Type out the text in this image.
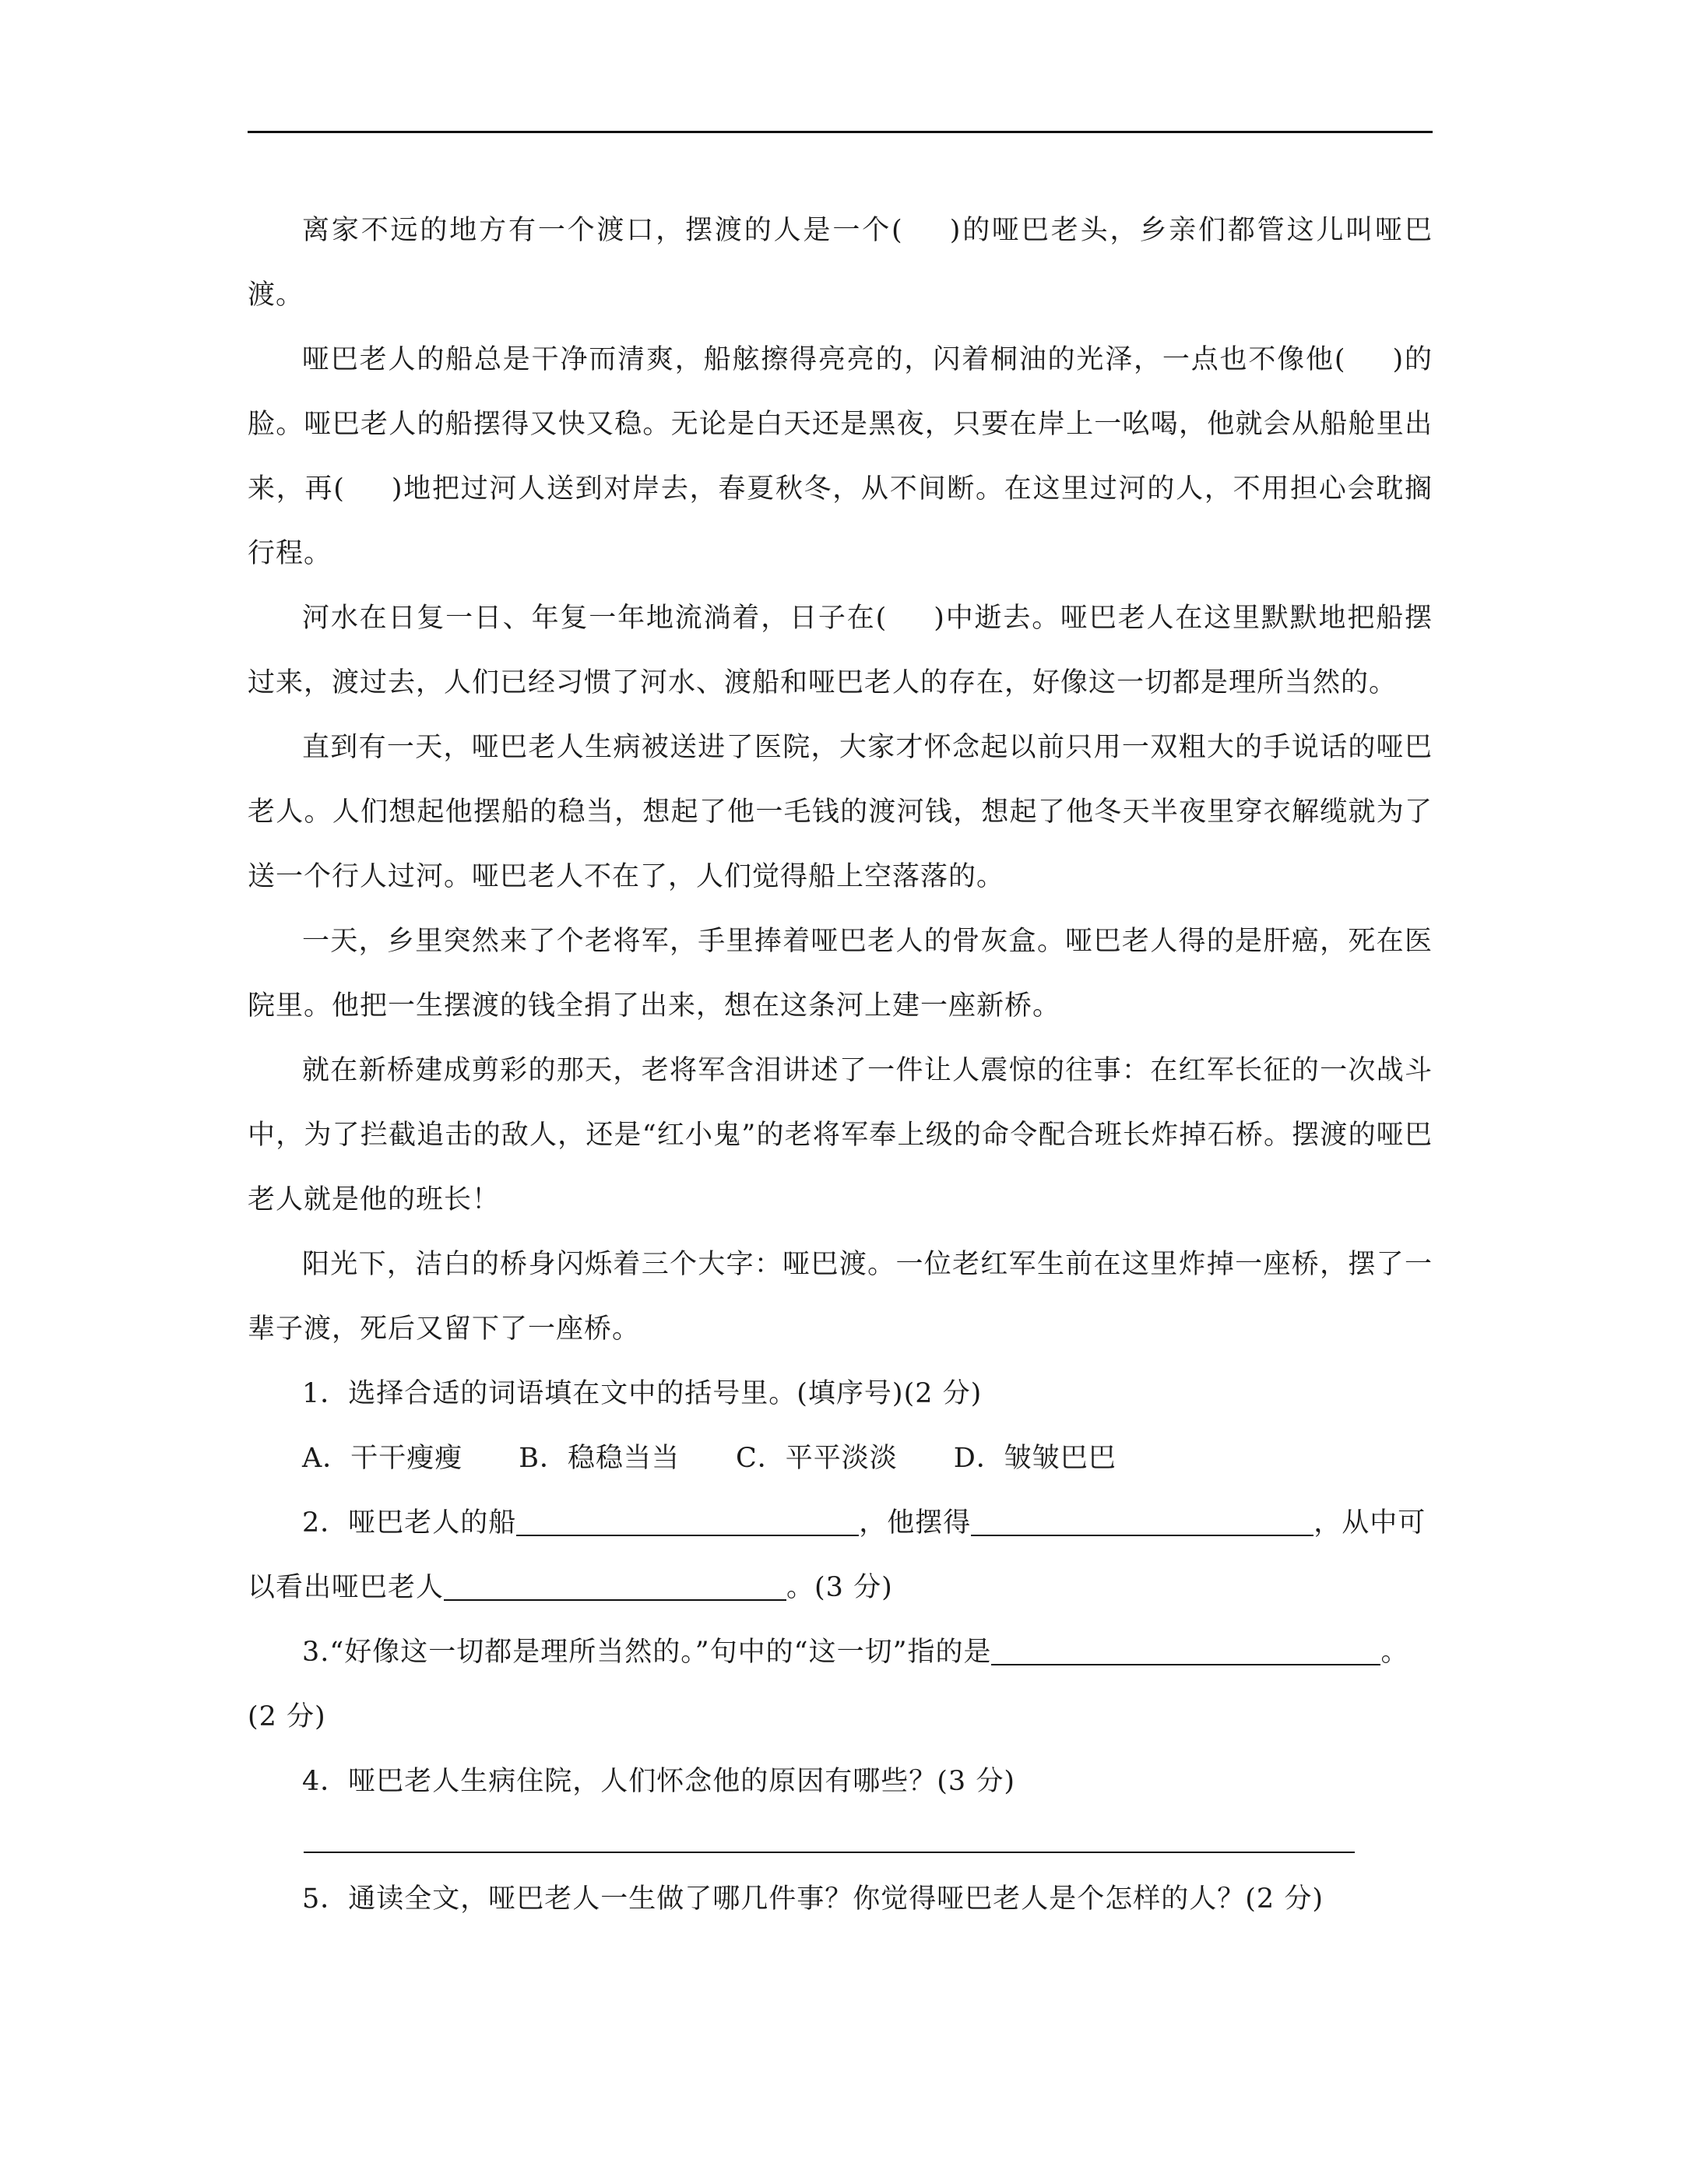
离家不远的地方有一个渡口，摆渡的人是一个( )的哑巴老头，乡亲们都管这儿叫哑巴渡。

哑巴老人的船总是干净而清爽，船舷擦得亮亮的，闪着桐油的光泽，一点也不像他( )的脸。哑巴老人的船摆得又快又稳。无论是白天还是黑夜，只要在岸上一吆喝，他就会从船舱里出来，再( )地把过河人送到对岸去，春夏秋冬，从不间断。在这里过河的人，不用担心会耽搁行程。

河水在日复一日、年复一年地流淌着，日子在( )中逝去。哑巴老人在这里默默地把船摆过来，渡过去，人们已经习惯了河水、渡船和哑巴老人的存在，好像这一切都是理所当然的。

直到有一天，哑巴老人生病被送进了医院，大家才怀念起以前只用一双粗大的手说话的哑巴老人。人们想起他摆船的稳当，想起了他一毛钱的渡河钱，想起了他冬天半夜里穿衣解缆就为了送一个行人过河。哑巴老人不在了，人们觉得船上空落落的。

一天，乡里突然来了个老将军，手里捧着哑巴老人的骨灰盒。哑巴老人得的是肝癌，死在医院里。他把一生摆渡的钱全捐了出来，想在这条河上建一座新桥。

就在新桥建成剪彩的那天，老将军含泪讲述了一件让人震惊的往事：在红军长征的一次战斗中，为了拦截追击的敌人，还是“红小鬼”的老将军奉上级的命令配合班长炸掉石桥。摆渡的哑巴老人就是他的班长！

阳光下，洁白的桥身闪烁着三个大字：哑巴渡。一位老红军生前在这里炸掉一座桥，摆了一辈子渡，死后又留下了一座桥。

1．选择合适的词语填在文中的括号里。(填序号)(2 分)

A．干干瘦瘦 B．稳稳当当 C．平平淡淡 D．皱皱巴巴

2．哑巴老人的船	，他摆得	，从中可

以看出哑巴老人	。(3 分)

3.“好像这一切都是理所当然的。”句中的“这一切”指的是	。

(2 分)

4．哑巴老人生病住院，人们怀念他的原因有哪些？(3 分)

5．通读全文，哑巴老人一生做了哪几件事？你觉得哑巴老人是个怎样的人？(2 分)
